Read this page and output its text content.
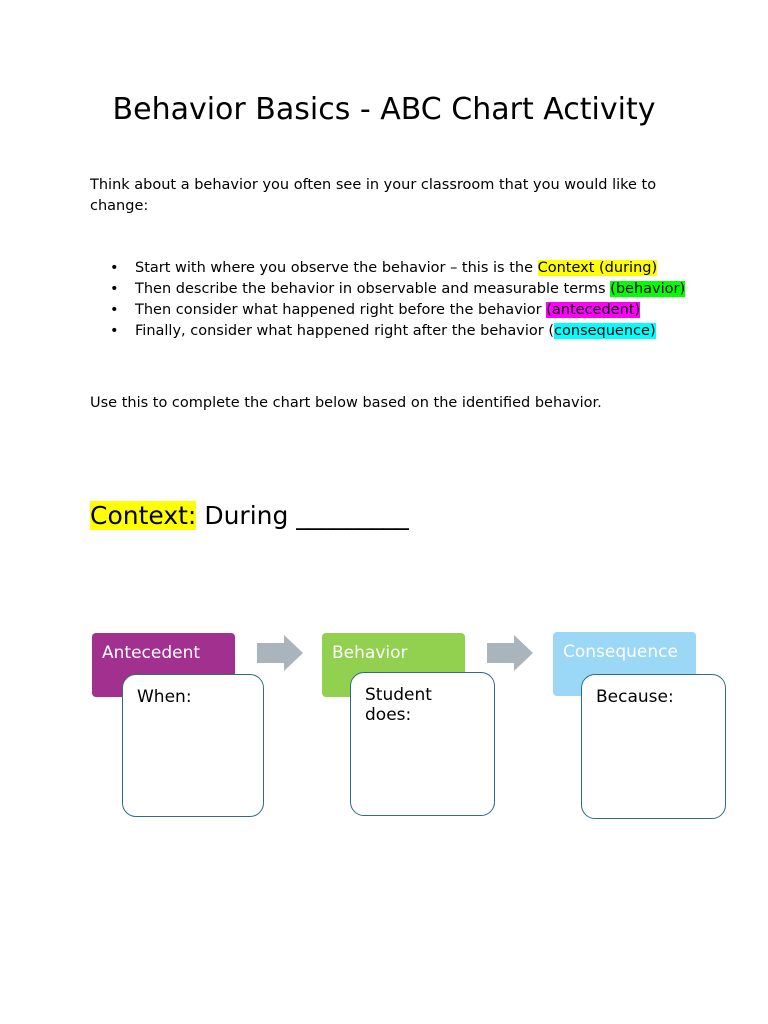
Behavior Basics - ABC Chart Activity
Think about a behavior you often see in your classroom that you would like to change:
• Start with where you observe the behavior – this is the Context (during)
• Then describe the behavior in observable and measurable terms (behavior)
• Then consider what happened right before the behavior (antecedent)
• Finally, consider what happened right after the behavior (consequence)
Use this to complete the chart below based on the identified behavior.
Context: During _________
Antecedent	Behavior	Consequence
When:	Student does:
Because:
